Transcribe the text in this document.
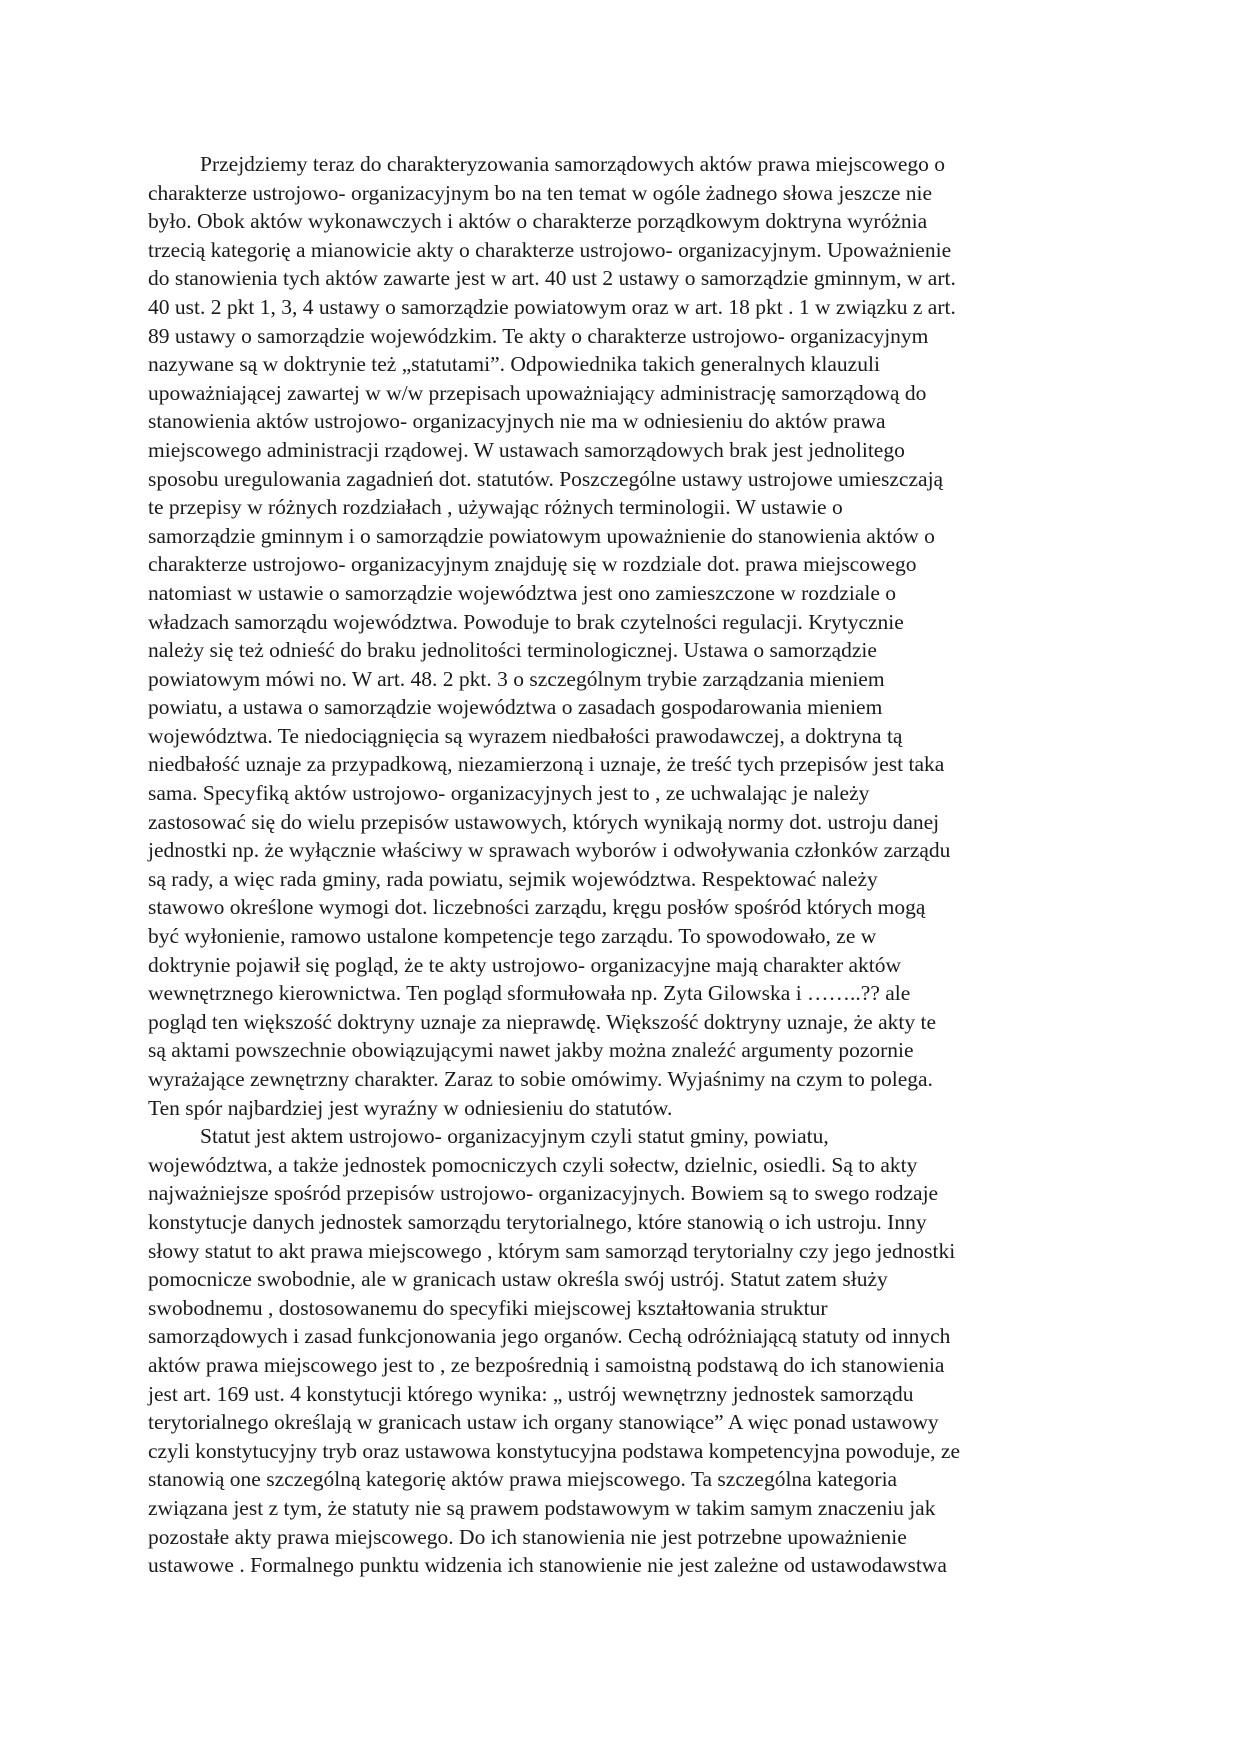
Przejdziemy teraz do charakteryzowania samorządowych aktów prawa miejscowego o
charakterze ustrojowo- organizacyjnym bo na ten temat w ogóle żadnego słowa jeszcze nie
było. Obok aktów wykonawczych i aktów o charakterze porządkowym doktryna wyróżnia
trzecią kategorię a mianowicie akty o charakterze ustrojowo- organizacyjnym. Upoważnienie
do stanowienia tych aktów zawarte jest w art. 40 ust 2 ustawy o samorządzie gminnym, w art.
40 ust. 2 pkt 1, 3, 4 ustawy o samorządzie powiatowym oraz w art. 18 pkt . 1 w związku z art.
89 ustawy o samorządzie wojewódzkim. Te akty o charakterze ustrojowo- organizacyjnym
nazywane są w doktrynie też „statutami”. Odpowiednika takich generalnych klauzuli
upoważniającej zawartej w w/w przepisach upoważniający administrację samorządową do
stanowienia aktów ustrojowo- organizacyjnych nie ma w odniesieniu do aktów prawa
miejscowego administracji rządowej. W ustawach samorządowych brak jest jednolitego
sposobu uregulowania zagadnień dot. statutów. Poszczególne ustawy ustrojowe umieszczają
te przepisy w różnych rozdziałach , używając różnych terminologii. W ustawie o
samorządzie gminnym i o samorządzie powiatowym upoważnienie do stanowienia aktów o
charakterze ustrojowo- organizacyjnym znajduję się w rozdziale dot. prawa miejscowego
natomiast w ustawie o samorządzie województwa jest ono zamieszczone w rozdziale o
władzach samorządu województwa. Powoduje to brak czytelności regulacji. Krytycznie
należy się też odnieść do braku jednolitości terminologicznej. Ustawa o samorządzie
powiatowym mówi no. W art. 48. 2 pkt. 3 o szczególnym trybie zarządzania mieniem
powiatu, a ustawa o samorządzie województwa o zasadach gospodarowania mieniem
województwa. Te niedociągnięcia są wyrazem niedbałości prawodawczej, a doktryna tą
niedbałość uznaje za przypadkową, niezamierzoną i uznaje, że treść tych przepisów jest taka
sama. Specyfiką aktów ustrojowo- organizacyjnych jest to , ze uchwalając je należy
zastosować się do wielu przepisów ustawowych, których wynikają normy dot. ustroju danej
jednostki np. że wyłącznie właściwy w sprawach wyborów i odwoływania członków zarządu
są rady, a więc rada gminy, rada powiatu, sejmik województwa. Respektować należy
stawowo określone wymogi dot. liczebności zarządu, kręgu posłów spośród których mogą
być wyłonienie, ramowo ustalone kompetencje tego zarządu. To spowodowało, ze w
doktrynie pojawił się pogląd, że te akty ustrojowo- organizacyjne mają charakter aktów
wewnętrznego kierownictwa. Ten pogląd sformułowała np. Zyta Gilowska i ……..?? ale
pogląd ten większość doktryny uznaje za nieprawdę. Większość doktryny uznaje, że akty te
są aktami powszechnie obowiązującymi nawet jakby można znaleźć argumenty pozornie
wyrażające zewnętrzny charakter. Zaraz to sobie omówimy. Wyjaśnimy na czym to polega.
Ten spór najbardziej jest wyraźny w odniesieniu do statutów.
Statut jest aktem ustrojowo- organizacyjnym czyli statut gminy, powiatu,
województwa, a także jednostek pomocniczych czyli sołectw, dzielnic, osiedli. Są to akty
najważniejsze spośród przepisów ustrojowo- organizacyjnych. Bowiem są to swego rodzaje
konstytucje danych jednostek samorządu terytorialnego, które stanowią o ich ustroju. Inny
słowy statut to akt prawa miejscowego , którym sam samorząd terytorialny czy jego jednostki
pomocnicze swobodnie, ale w granicach ustaw określa swój ustrój. Statut zatem służy
swobodnemu , dostosowanemu do specyfiki miejscowej kształtowania struktur
samorządowych i zasad funkcjonowania jego organów. Cechą odróżniającą statuty od innych
aktów prawa miejscowego jest to , ze bezpośrednią i samoistną podstawą do ich stanowienia
jest art. 169 ust. 4 konstytucji którego wynika: „ ustrój wewnętrzny jednostek samorządu
terytorialnego określają w granicach ustaw ich organy stanowiące” A więc ponad ustawowy
czyli konstytucyjny tryb oraz ustawowa konstytucyjna podstawa kompetencyjna powoduje, ze
stanowią one szczególną kategorię aktów prawa miejscowego. Ta szczególna kategoria
związana jest z tym, że statuty nie są prawem podstawowym w takim samym znaczeniu jak
pozostałe akty prawa miejscowego. Do ich stanowienia nie jest potrzebne upoważnienie
ustawowe . Formalnego punktu widzenia ich stanowienie nie jest zależne od ustawodawstwa
